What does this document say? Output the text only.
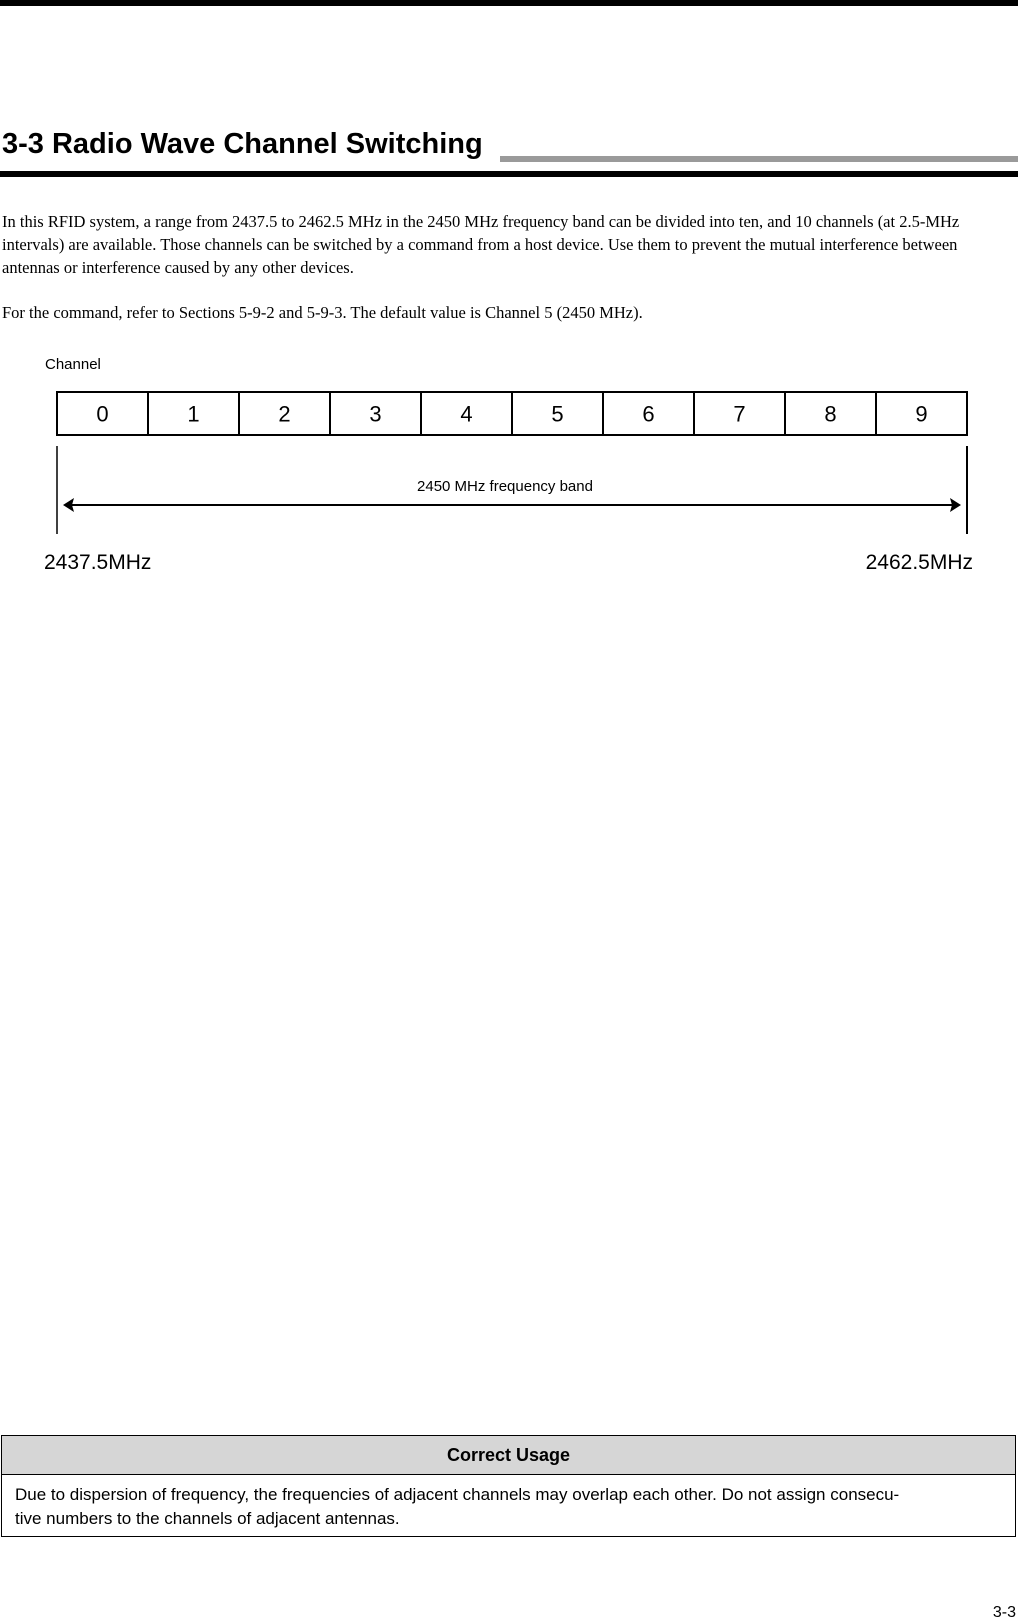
3-3 Radio Wave Channel Switching

In this RFID system, a range from 2437.5 to 2462.5 MHz in the 2450 MHz frequency band can be divided into ten, and 10 channels (at 2.5-MHz intervals) are available. Those channels can be switched by a command from a host device. Use them to prevent the mutual interference between antennas or interference caused by any other devices.

For the command, refer to Sections 5-9-2 and 5-9-3. The default value is Channel 5 (2450 MHz).

Channel
0	1	2	3	4	5	6	7	8	9
2450 MHz frequency band
2437.5MHz	2462.5MHz
Correct Usage
Due to dispersion of frequency, the frequencies of adjacent channels may overlap each other. Do not assign consecu-
tive numbers to the channels of adjacent antennas.
3-3
